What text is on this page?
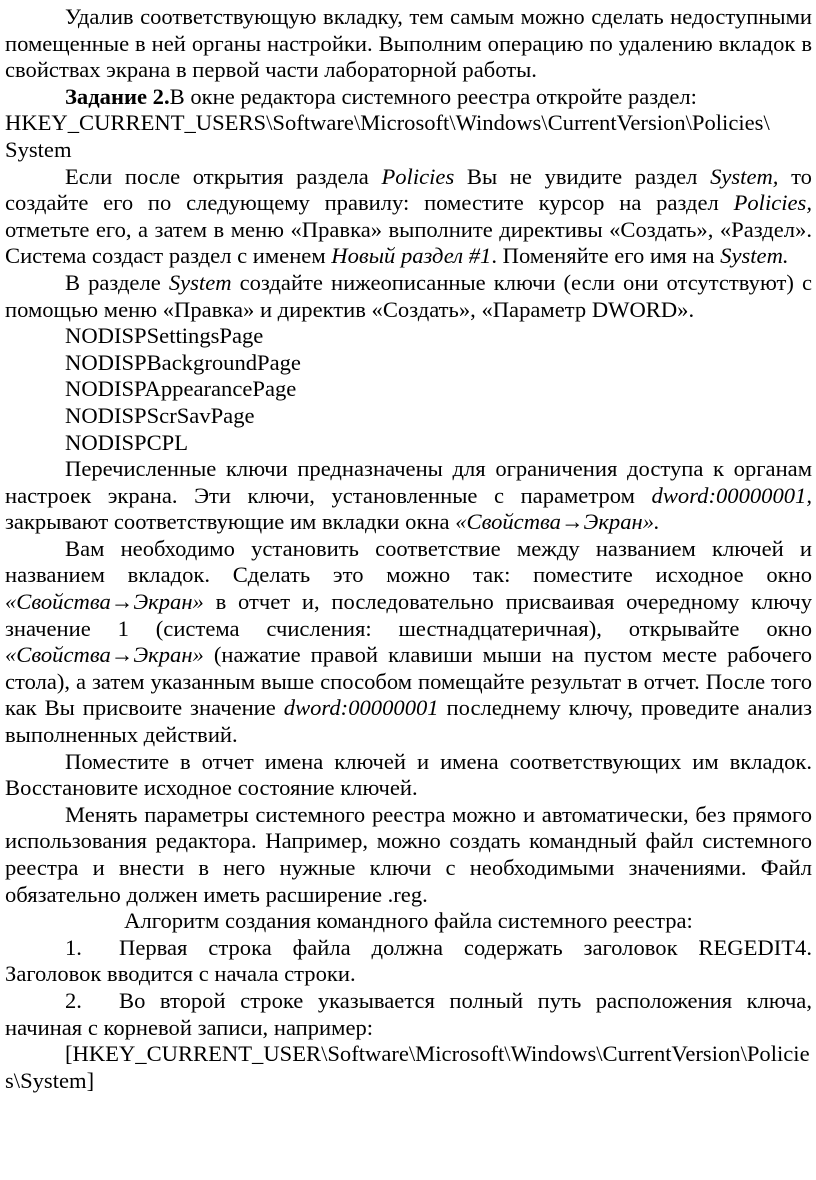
Удалив соответствующую вкладку, тем самым можно сделать недоступными помещенные в ней органы настройки. Выполним операцию по удалению вкладок в свойствах экрана в первой части лабораторной работы.

Задание 2.В окне редактора системного реестра откройте раздел:

HKEY_CURRENT_USERS\Software\Microsoft\Windows\CurrentVersion\Policies\

System

Если после открытия раздела Policies Вы не увидите раздел System, то создайте его по следующему правилу: поместите курсор на раздел Policies, отметьте его, а затем в меню «Правка» выполните директивы «Создать», «Раздел». Система создаст раздел с именем Новый раздел #1. Поменяйте его имя на System.

В разделе System создайте нижеописанные ключи (если они отсутствуют) с помощью меню «Правка» и директив «Создать», «Параметр DWORD».

NODISPSettingsPage

NODISPBackgroundPage

NODISPAppearancePage

NODISPScrSavPage

NODISPCPL

Перечисленные ключи предназначены для ограничения доступа к органам настроек экрана. Эти ключи, установленные с параметром dword:00000001, закрывают соответствующие им вкладки окна «Свойства→Экран».

Вам необходимо установить соответствие между названием ключей и названием вкладок. Сделать это можно так: поместите исходное окно «Свойства→Экран» в отчет и, последовательно присваивая очередному ключу значение 1 (система счисления: шестнадцатеричная), открывайте окно «Свойства→Экран» (нажатие правой клавиши мыши на пустом месте рабочего стола), а затем указанным выше способом помещайте результат в отчет. После того как Вы присвоите значение dword:00000001 последнему ключу, проведите анализ выполненных действий.

Поместите в отчет имена ключей и имена соответствующих им вкладок. Восстановите исходное состояние ключей.

Менять параметры системного реестра можно и автоматически, без прямого использования редактора. Например, можно создать командный файл системного реестра и внести в него нужные ключи с необходимыми значениями. Файл обязательно должен иметь расширение .reg.

Алгоритм создания командного файла системного реестра:

1. Первая строка файла должна содержать заголовок REGEDIT4. Заголовок вводится с начала строки.

2. Во второй строке указывается полный путь расположения ключа, начиная с корневой записи, например:

[HKEY_CURRENT_USER\Software\Microsoft\Windows\CurrentVersion\Policies\System]
